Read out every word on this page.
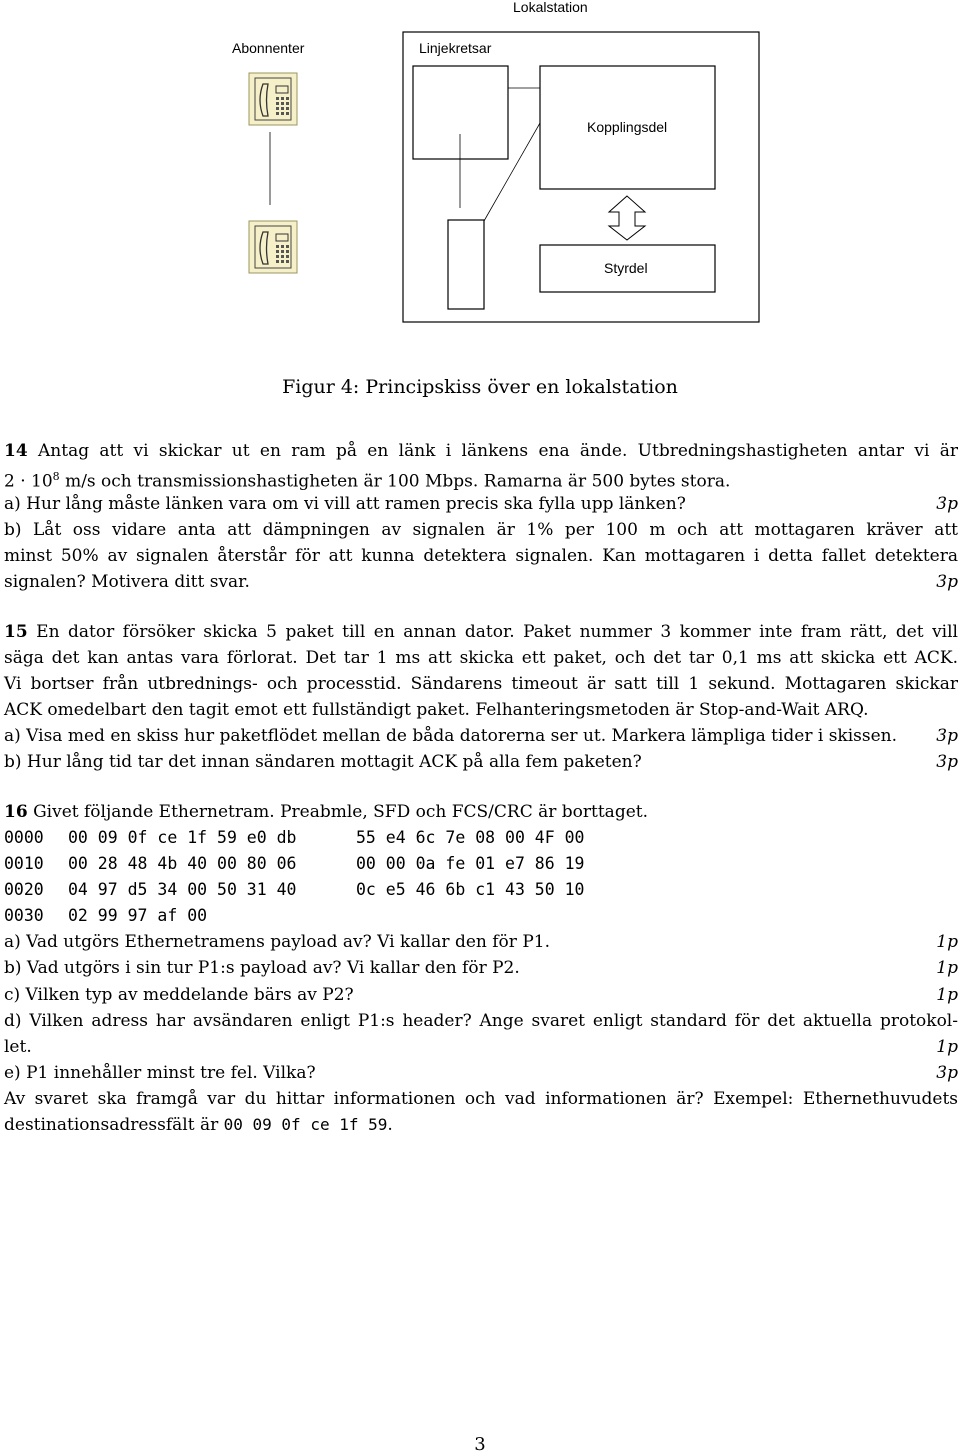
Lokalstation
Abonnenter	Linjekretsar
Kopplingsdel
Styrdel
Figur 4: Principskiss över en lokalstation
14 Antag att vi skickar ut en ram på en länk i länkens ena ände. Utbredningshastigheten antar vi är
$2 \cdot 10^8$ m/s och transmissionshastigheten är 100 Mbps. Ramarna är 500 bytes stora.
a) Hur lång måste länken vara om vi vill att ramen precis ska fylla upp länken?	3p
b) Låt oss vidare anta att dämpningen av signalen är 1% per 100 m och att mottagaren kräver att
minst 50% av signalen återstår för att kunna detektera signalen. Kan mottagaren i detta fallet detektera
signalen? Motivera ditt svar.	3p
15 En dator försöker skicka 5 paket till en annan dator. Paket nummer 3 kommer inte fram rätt, det vill
säga det kan antas vara förlorat. Det tar 1 ms att skicka ett paket, och det tar 0,1 ms att skicka ett ACK.
Vi bortser från utbrednings- och processtid. Sändarens timeout är satt till 1 sekund. Mottagaren skickar
ACK omedelbart den tagit emot ett fullständigt paket. Felhanteringsmetoden är Stop-and-Wait ARQ.
a) Visa med en skiss hur paketflödet mellan de båda datorerna ser ut. Markera lämpliga tider i skissen. 3p
b) Hur lång tid tar det innan sändaren mottagit ACK på alla fem paketen?	3p
16 Givet följande Ethernetram. Preabmle, SFD och FCS/CRC är borttaget.
0000 00 09 0f ce 1f 59 e0 db	55 e4 6c 7e 08 00 4F 00
0010 00 28 48 4b 40 00 80 06	00 00 0a fe 01 e7 86 19
0020 04 97 d5 34 00 50 31 40	0c e5 46 6b c1 43 50 10
0030 02 99 97 af 00
a) Vad utgörs Ethernetramens payload av? Vi kallar den för P1.	1p
b) Vad utgörs i sin tur P1:s payload av? Vi kallar den för P2.	1p
c) Vilken typ av meddelande bärs av P2?	1p
d) Vilken adress har avsändaren enligt P1:s header? Ange svaret enligt standard för det aktuella protokol-
let.	1p
e) P1 innehåller minst tre fel. Vilka?	3p
Av svaret ska framgå var du hittar informationen och vad informationen är? Exempel: Ethernethuvudets
destinationsadressfält är 00 09 0f ce 1f 59.
3
